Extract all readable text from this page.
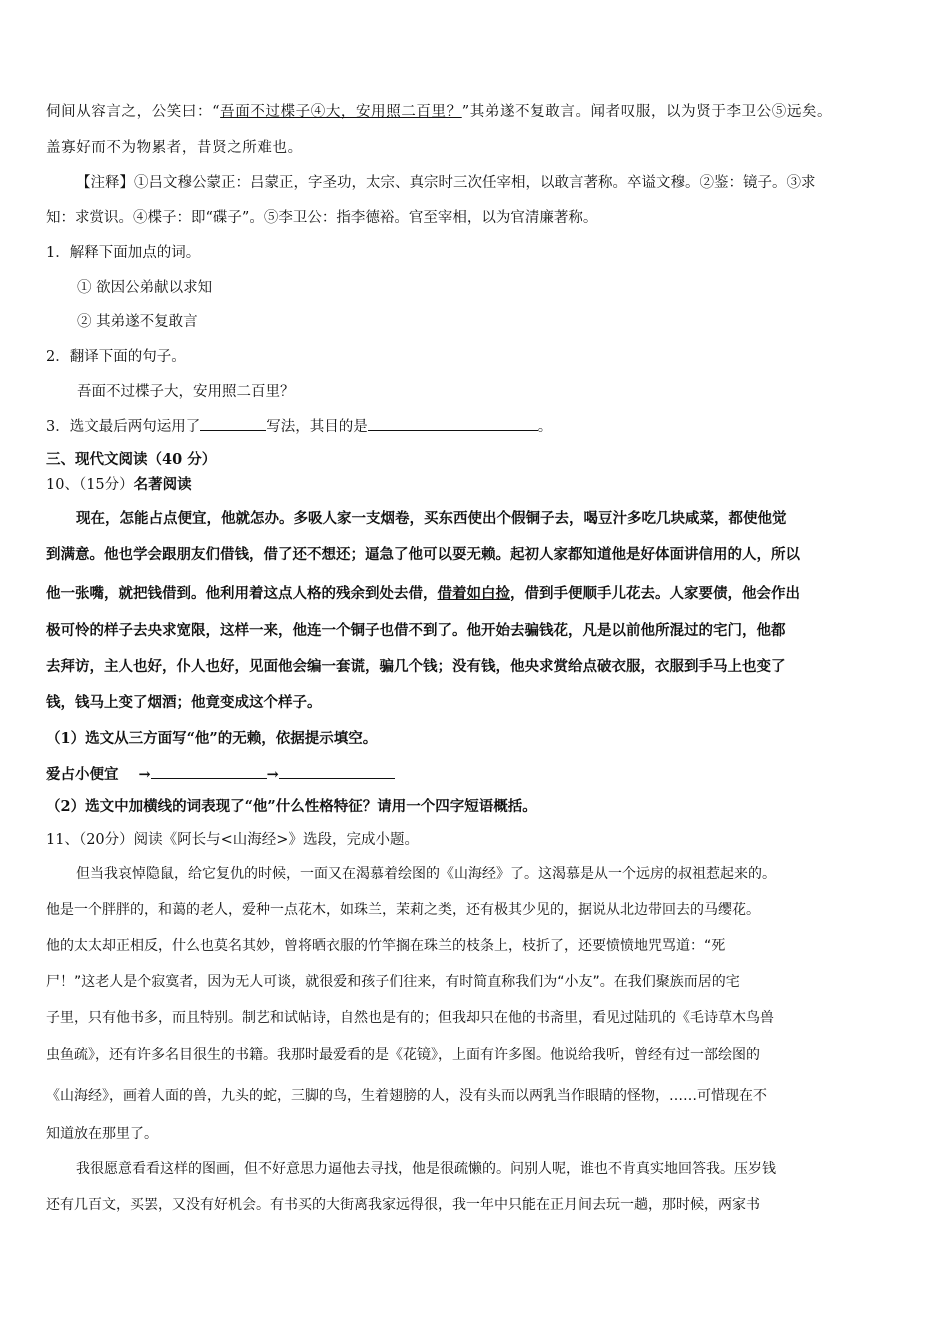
伺间从容言之，公笑曰：“吾面不过楪子④大，安用照二百里？”其弟遂不复敢言。闻者叹服，以为贤于李卫公⑤远矣。
盖寡好而不为物累者，昔贤之所难也。
【注释】①吕文穆公蒙正：吕蒙正，字圣功，太宗、真宗时三次任宰相，以敢言著称。卒谥文穆。②鉴：镜子。③求
知：求赏识。④楪子：即“碟子”。⑤李卫公：指李德裕。官至宰相，以为官清廉著称。
1．解释下面加点的词。
① 欲因公弟献以求知
② 其弟遂不复敢言
2．翻译下面的句子。
吾面不过楪子大，安用照二百里？
3．选文最后两句运用了	写法，其目的是	。
三、现代文阅读（40 分）
10、（15分）名著阅读
现在，怎能占点便宜，他就怎办。多吸人家一支烟卷，买东西使出个假铜子去，喝豆汁多吃几块咸菜，都使他觉
到满意。他也学会跟朋友们借钱，借了还不想还；逼急了他可以耍无赖。起初人家都知道他是好体面讲信用的人，所以
他一张嘴，就把钱借到。他利用着这点人格的残余到处去借，借着如白捡，借到手便顺手儿花去。人家要债，他会作出
极可怜的样子去央求宽限，这样一来，他连一个铜子也借不到了。他开始去骗钱花，凡是以前他所混过的宅门，他都
去拜访，主人也好，仆人也好，见面他会编一套谎，骗几个钱；没有钱，他央求赏给点破衣服，衣服到手马上也变了
钱，钱马上变了烟酒；他竟变成这个样子。
（1）选文从三方面写“他”的无赖，依据提示填空。
爱占小便宜 →	→
（2）选文中加横线的词表现了“他”什么性格特征？请用一个四字短语概括。
11、（20分）阅读《阿长与<山海经>》选段，完成小题。
但当我哀悼隐鼠，给它复仇的时候，一面又在渴慕着绘图的《山海经》了。这渴慕是从一个远房的叔祖惹起来的。
他是一个胖胖的，和蔼的老人，爱种一点花木，如珠兰，茉莉之类，还有极其少见的，据说从北边带回去的马缨花。
他的太太却正相反，什么也莫名其妙，曾将晒衣服的竹竿搁在珠兰的枝条上，枝折了，还要愤愤地咒骂道：“死
尸！”这老人是个寂寞者，因为无人可谈，就很爱和孩子们往来，有时简直称我们为“小友”。在我们聚族而居的宅
子里，只有他书多，而且特别。制艺和试帖诗，自然也是有的；但我却只在他的书斋里，看见过陆玑的《毛诗草木鸟兽
虫鱼疏》，还有许多名目很生的书籍。我那时最爱看的是《花镜》，上面有许多图。他说给我听，曾经有过一部绘图的
《山海经》，画着人面的兽，九头的蛇，三脚的鸟，生着翅膀的人，没有头而以两乳当作眼睛的怪物，……可惜现在不
知道放在那里了。
我很愿意看看这样的图画，但不好意思力逼他去寻找，他是很疏懒的。问别人呢，谁也不肯真实地回答我。压岁钱
还有几百文，买罢，又没有好机会。有书买的大街离我家远得很，我一年中只能在正月间去玩一趟，那时候，两家书
